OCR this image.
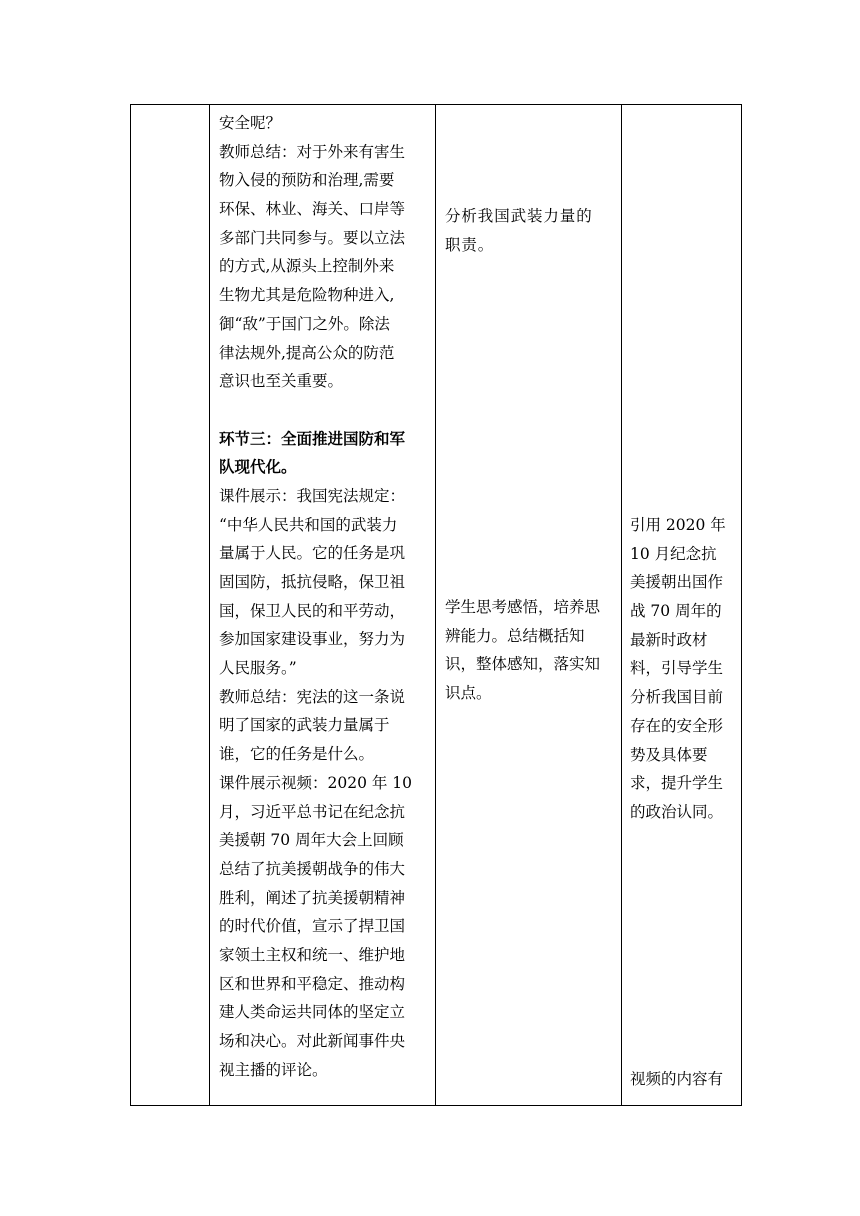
安全呢？
教师总结：对于外来有害生
物入侵的预防和治理,需要
环保、林业、海关、口岸等
多部门共同参与。要以立法
的方式,从源头上控制外来
生物尤其是危险物种进入,
御“敌”于国门之外。除法
律法规外,提高公众的防范
意识也至关重要。
环节三：全面推进国防和军
队现代化。
课件展示：我国宪法规定：
“中华人民共和国的武装力
量属于人民。它的任务是巩
固国防，抵抗侵略，保卫祖
国，保卫人民的和平劳动，
参加国家建设事业，努力为
人民服务。”
教师总结：宪法的这一条说
明了国家的武装力量属于
谁，它的任务是什么。
课件展示视频：2020 年 10
月，习近平总书记在纪念抗
美援朝 70 周年大会上回顾
总结了抗美援朝战争的伟大
胜利，阐述了抗美援朝精神
的时代价值，宣示了捍卫国
家领土主权和统一、维护地
区和世界和平稳定、推动构
建人类命运共同体的坚定立
场和决心。对此新闻事件央
视主播的评论。
分析我国武装力量的
职责。
学生思考感悟，培养思
辨能力。总结概括知
识，整体感知，落实知
识点。
引用 2020 年
10 月纪念抗
美援朝出国作
战 70 周年的
最新时政材
料，引导学生
分析我国目前
存在的安全形
势及具体要
求，提升学生
的政治认同。
视频的内容有
